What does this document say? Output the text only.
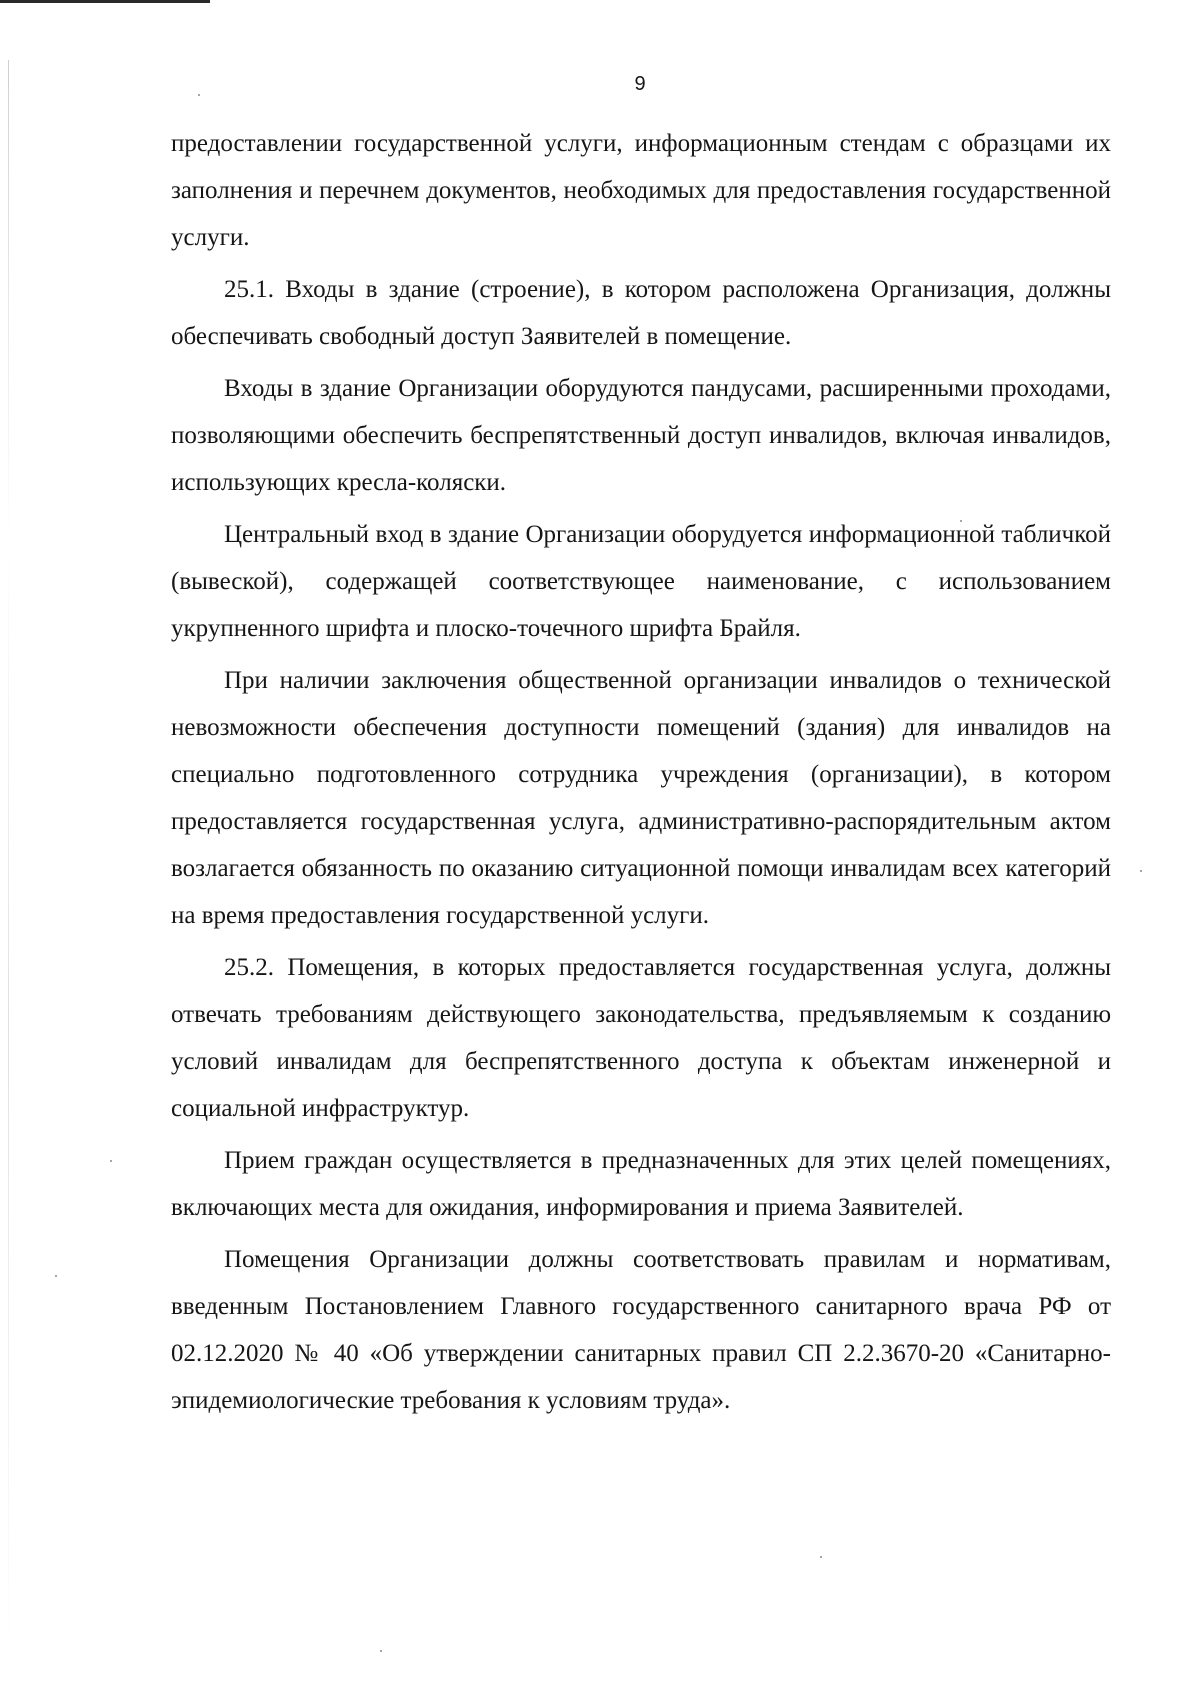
9

предоставлении государственной услуги, информационным стендам с образцами их заполнения и перечнем документов, необходимых для предоставления государственной услуги.

25.1. Входы в здание (строение), в котором расположена Организация, должны обеспечивать свободный доступ Заявителей в помещение.

Входы в здание Организации оборудуются пандусами, расширенными проходами, позволяющими обеспечить беспрепятственный доступ инвалидов, включая инвалидов, использующих кресла-коляски.

Центральный вход в здание Организации оборудуется информационной табличкой (вывеской), содержащей соответствующее наименование, с использованием укрупненного шрифта и плоско-точечного шрифта Брайля.

При наличии заключения общественной организации инвалидов о технической невозможности обеспечения доступности помещений (здания) для инвалидов на специально подготовленного сотрудника учреждения (организации), в котором предоставляется государственная услуга, административно-распорядительным актом возлагается обязанность по оказанию ситуационной помощи инвалидам всех категорий на время предоставления государственной услуги.

25.2. Помещения, в которых предоставляется государственная услуга, должны отвечать требованиям действующего законодательства, предъявляемым к созданию условий инвалидам для беспрепятственного доступа к объектам инженерной и социальной инфраструктур.

Прием граждан осуществляется в предназначенных для этих целей помещениях, включающих места для ожидания, информирования и приема Заявителей.

Помещения Организации должны соответствовать правилам и нормативам, введенным Постановлением Главного государственного санитарного врача РФ от 02.12.2020 № 40 «Об утверждении санитарных правил СП 2.2.3670-20 «Санитарно-эпидемиологические требования к условиям труда».
